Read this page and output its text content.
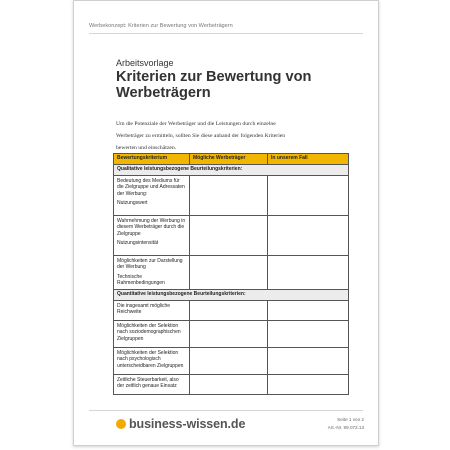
Werbekonzept: Kriterien zur Bewertung von Werbeträgern
Arbeitsvorlage
Kriterien zur Bewertung von Werbeträgern
Um die Potenziale der Werbeträger und die Leistungen durch einzelne
Werbeträger zu ermitteln, sollten Sie diese anhand der folgenden Kriterien
bewerten und einschätzen.
Bewertungskriterium	Mögliche Werbeträger	In unserem Fall
Qualitative leistungsbezogene Beurteilungskriterien:		

Bedeutung des Mediums für die Zielgruppe und Adressaten der Werbung:
Nutzungswert		

Wahrnehmung der Werbung in diesem Werbeträger durch die Zielgruppe
Nutzungsintensität		

Möglichkeiten zur Darstellung der Werbung
Technische Rahmenbedingungen		

Quantitative leistungsbezogene Beurteilungskriterien:		
Die insgesamt mögliche Reichweite		
Möglichkeiten der Selektion nach soziodemographischen Zielgruppen		
Möglichkeiten der Selektion nach psychologisch unterscheidbaren Zielgruppen		
Zeitliche Steuerbarkeit, also der zeitlich genaue Einsatz		
business-wissen.de	Seite 1 von 2
Art.-Nr. 99.073.13
